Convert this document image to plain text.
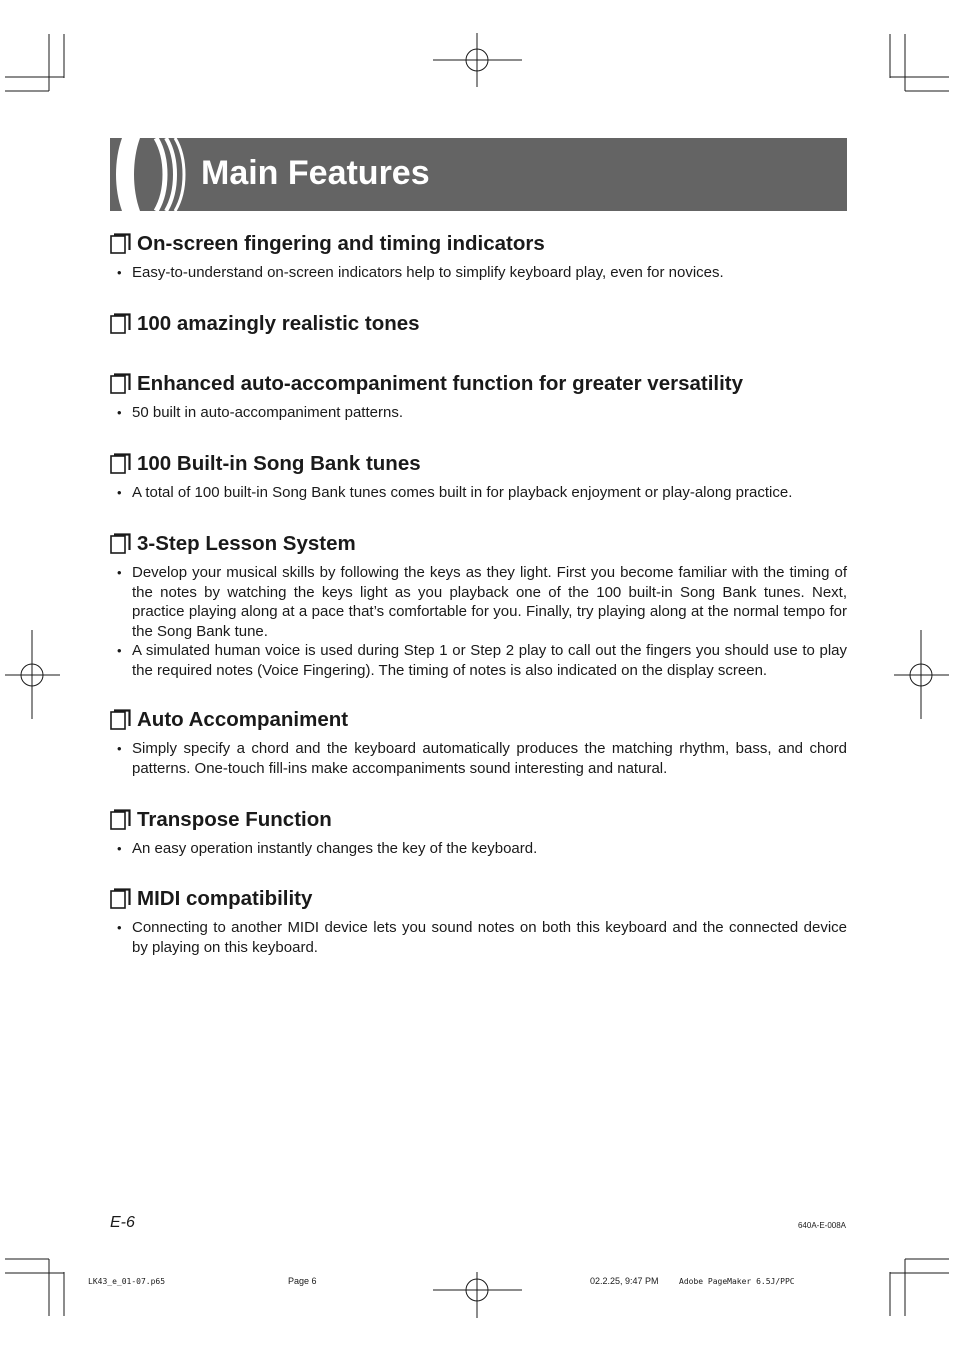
Main Features
On-screen fingering and timing indicators
• Easy-to-understand on-screen indicators help to simplify keyboard play, even for novices.
100 amazingly realistic tones
Enhanced auto-accompaniment function for greater versatility
• 50 built in auto-accompaniment patterns.
100 Built-in Song Bank tunes
• A total of 100 built-in Song Bank tunes comes built in for playback enjoyment or play-along practice.
3-Step Lesson System
• Develop your musical skills by following the keys as they light. First you become familiar with the timing of the notes by watching the keys light as you playback one of the 100 built-in Song Bank tunes. Next, practice playing along at a pace that’s comfortable for you. Finally, try playing along at the normal tempo for the Song Bank tune.
• A simulated human voice is used during Step 1 or Step 2 play to call out the fingers you should use to play the required notes (Voice Fingering). The timing of notes is also indicated on the display screen.
Auto Accompaniment
• Simply specify a chord and the keyboard automatically produces the matching rhythm, bass, and chord patterns. One-touch fill-ins make accompaniments sound interesting and natural.
Transpose Function
• An easy operation instantly changes the key of the keyboard.
MIDI compatibility
• Connecting to another MIDI device lets you sound notes on both this keyboard and the connected device by playing on this keyboard.
E-6	640A-E-008A
LK43_e_01-07.p65	Page 6	02.2.25, 9:47 PM	Adobe PageMaker 6.5J/PPC
